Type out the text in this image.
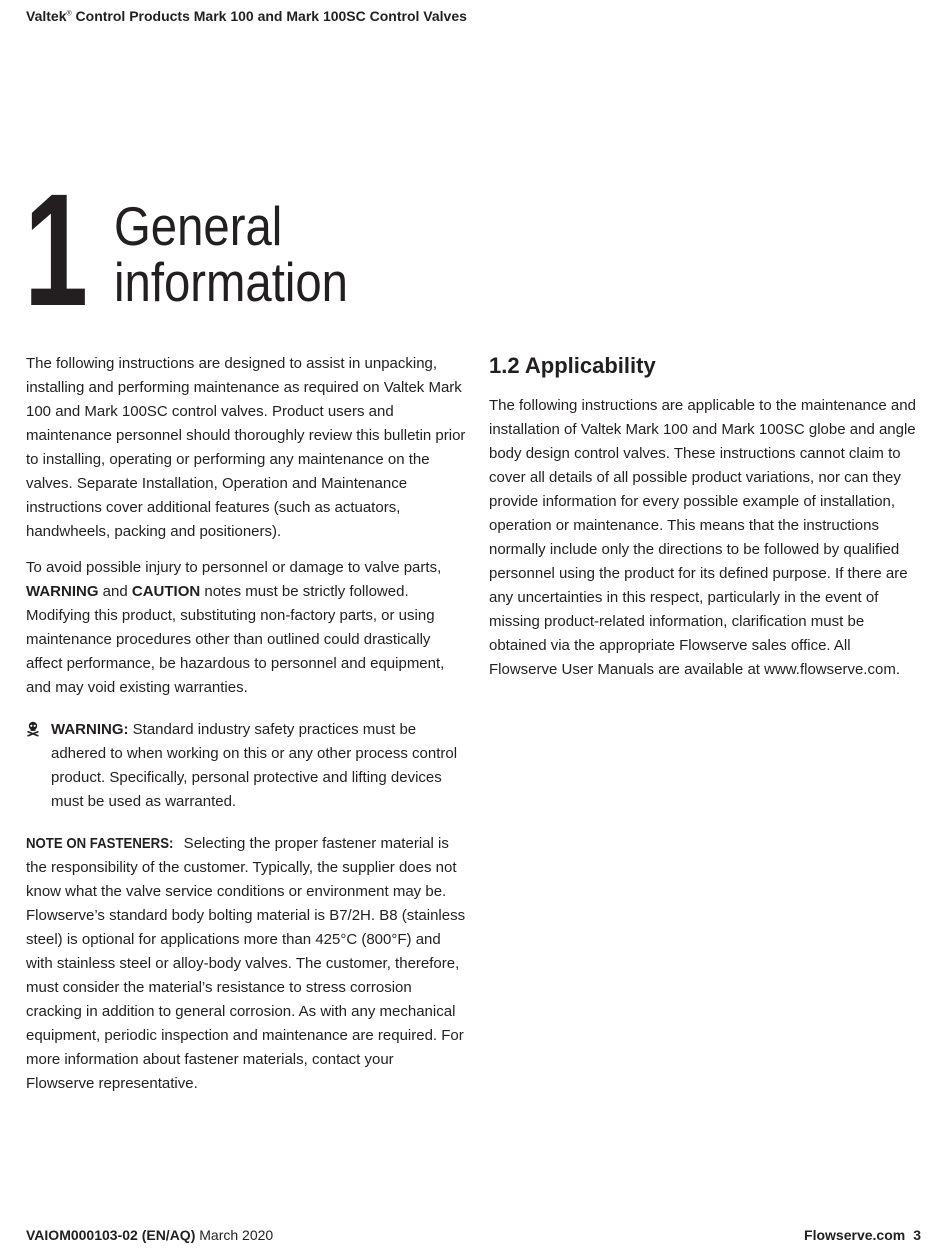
Valtek® Control Products Mark 100 and Mark 100SC Control Valves
1 General
information

The following instructions are designed to assist in unpacking, installing and performing maintenance as required on Valtek Mark 100 and Mark 100SC control valves. Product users and maintenance personnel should thoroughly review this bulletin prior to installing, operating or performing any maintenance on the valves. Separate Installation, Operation and Maintenance instructions cover additional features (such as actuators, handwheels, packing and positioners).

To avoid possible injury to personnel or damage to valve parts, WARNING and CAUTION notes must be strictly followed. Modifying this product, substituting non-factory parts, or using maintenance procedures other than outlined could drastically affect performance, be hazardous to personnel and equipment, and may void existing warranties.

WARNING: Standard industry safety practices must be adhered to when working on this or any other process control product. Specifically, personal protective and lifting devices must be used as warranted.

NOTE ON FASTENERS: Selecting the proper fastener material is the responsibility of the customer. Typically, the supplier does not know what the valve service conditions or environment may be. Flowserve’s standard body bolting material is B7/2H. B8 (stainless steel) is optional for applications more than 425°C (800°F) and with stainless steel or alloy-body valves. The customer, therefore, must consider the material’s resistance to stress corrosion cracking in addition to general corrosion. As with any mechanical equipment, periodic inspection and maintenance are required. For more information about fastener materials, contact your Flowserve representative.

1.2 Applicability

The following instructions are applicable to the maintenance and installation of Valtek Mark 100 and Mark 100SC globe and angle body design control valves. These instructions cannot claim to cover all details of all possible product variations, nor can they provide information for every possible example of installation, operation or maintenance. This means that the instructions normally include only the directions to be followed by qualified personnel using the product for its defined purpose. If there are any uncertainties in this respect, particularly in the event of missing product-related information, clarification must be obtained via the appropriate Flowserve sales office. All Flowserve User Manuals are available at www.flowserve.com.

VAIOM000103-02 (EN/AQ) March 2020	Flowserve.com 3
